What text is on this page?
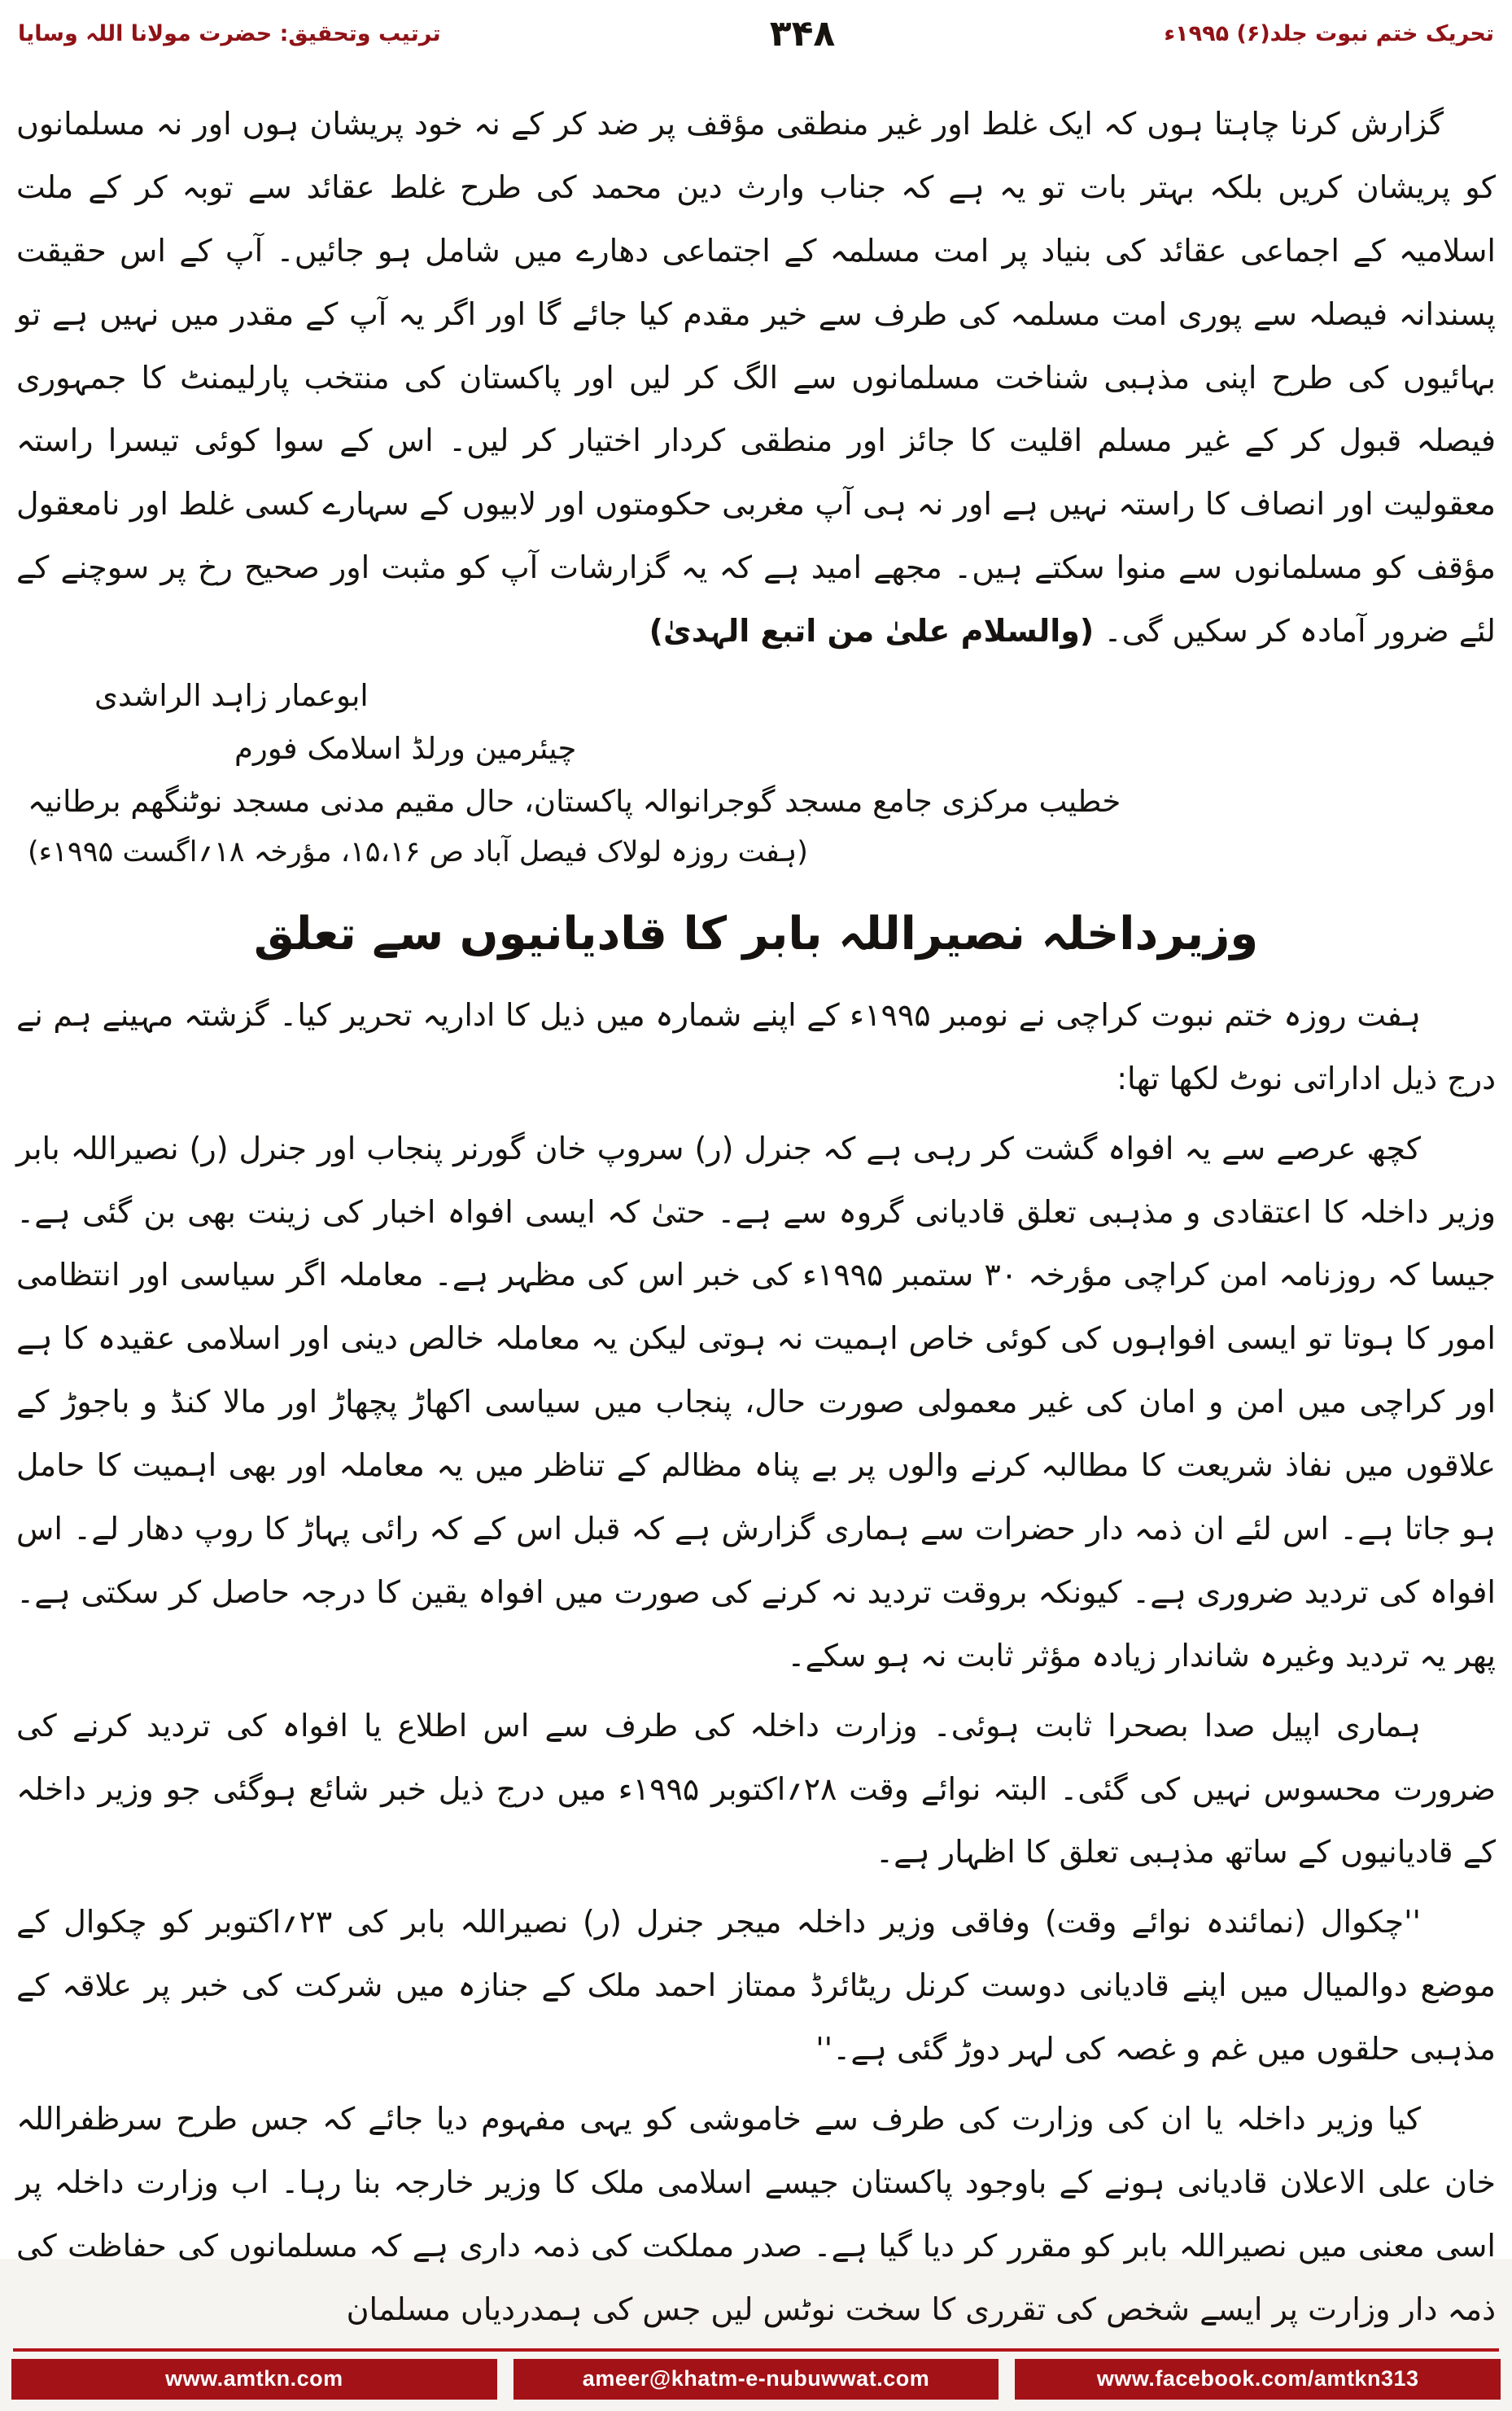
تحریک ختم نبوت جلد(۶) ۱۹۹۵ء
۳۴۸
ترتیب وتحقیق: حضرت مولانا اللہ وسایا

گزارش کرنا چاہتا ہوں کہ ایک غلط اور غیر منطقی مؤقف پر ضد کر کے نہ خود پریشان ہوں اور نہ مسلمانوں کو پریشان کریں بلکہ بہتر بات تو یہ ہے کہ جناب وارث دین محمد کی طرح غلط عقائد سے توبہ کر کے ملت اسلامیہ کے اجماعی عقائد کی بنیاد پر امت مسلمہ کے اجتماعی دھارے میں شامل ہو جائیں۔ آپ کے اس حقیقت پسندانہ فیصلہ سے پوری امت مسلمہ کی طرف سے خیر مقدم کیا جائے گا اور اگر یہ آپ کے مقدر میں نہیں ہے تو بہائیوں کی طرح اپنی مذہبی شناخت مسلمانوں سے الگ کر لیں اور پاکستان کی منتخب پارلیمنٹ کا جمہوری فیصلہ قبول کر کے غیر مسلم اقلیت کا جائز اور منطقی کردار اختیار کر لیں۔ اس کے سوا کوئی تیسرا راستہ معقولیت اور انصاف کا راستہ نہیں ہے اور نہ ہی آپ مغربی حکومتوں اور لابیوں کے سہارے کسی غلط اور نامعقول مؤقف کو مسلمانوں سے منوا سکتے ہیں۔ مجھے امید ہے کہ یہ گزارشات آپ کو مثبت اور صحیح رخ پر سوچنے کے لئے ضرور آمادہ کر سکیں گی۔ (والسلام علیٰ من اتبع الہدیٰ)

ابوعمار زاہد الراشدی
چیئرمین ورلڈ اسلامک فورم
خطیب مرکزی جامع مسجد گوجرانوالہ پاکستان، حال مقیم مدنی مسجد نوٹنگھم برطانیہ
(ہفت روزہ لولاک فیصل آباد ص ۱۵،۱۶، مؤرخہ ۱۸؍اگست ۱۹۹۵ء)
وزیرداخلہ نصیراللہ بابر کا قادیانیوں سے تعلق

ہفت روزہ ختم نبوت کراچی نے نومبر ۱۹۹۵ء کے اپنے شمارہ میں ذیل کا اداریہ تحریر کیا۔ گزشتہ مہینے ہم نے درج ذیل اداراتی نوٹ لکھا تھا:

کچھ عرصے سے یہ افواہ گشت کر رہی ہے کہ جنرل (ر) سروپ خان گورنر پنجاب اور جنرل (ر) نصیراللہ بابر وزیر داخلہ کا اعتقادی و مذہبی تعلق قادیانی گروہ سے ہے۔ حتیٰ کہ ایسی افواہ اخبار کی زینت بھی بن گئی ہے۔ جیسا کہ روزنامہ امن کراچی مؤرخہ ۳۰ ستمبر ۱۹۹۵ء کی خبر اس کی مظہر ہے۔ معاملہ اگر سیاسی اور انتظامی امور کا ہوتا تو ایسی افواہوں کی کوئی خاص اہمیت نہ ہوتی لیکن یہ معاملہ خالص دینی اور اسلامی عقیدہ کا ہے اور کراچی میں امن و امان کی غیر معمولی صورت حال، پنجاب میں سیاسی اکھاڑ پچھاڑ اور مالا کنڈ و باجوڑ کے علاقوں میں نفاذ شریعت کا مطالبہ کرنے والوں پر بے پناہ مظالم کے تناظر میں یہ معاملہ اور بھی اہمیت کا حامل ہو جاتا ہے۔ اس لئے ان ذمہ دار حضرات سے ہماری گزارش ہے کہ قبل اس کے کہ رائی پہاڑ کا روپ دھار لے۔ اس افواہ کی تردید ضروری ہے۔ کیونکہ بروقت تردید نہ کرنے کی صورت میں افواہ یقین کا درجہ حاصل کر سکتی ہے۔ پھر یہ تردید وغیرہ شاندار زیادہ مؤثر ثابت نہ ہو سکے۔

ہماری اپیل صدا بصحرا ثابت ہوئی۔ وزارت داخلہ کی طرف سے اس اطلاع یا افواہ کی تردید کرنے کی ضرورت محسوس نہیں کی گئی۔ البتہ نوائے وقت ۲۸؍اکتوبر ۱۹۹۵ء میں درج ذیل خبر شائع ہوگئی جو وزیر داخلہ کے قادیانیوں کے ساتھ مذہبی تعلق کا اظہار ہے۔

''چکوال (نمائندہ نوائے وقت) وفاقی وزیر داخلہ میجر جنرل (ر) نصیراللہ بابر کی ۲۳؍اکتوبر کو چکوال کے موضع دوالمیال میں اپنے قادیانی دوست کرنل ریٹائرڈ ممتاز احمد ملک کے جنازہ میں شرکت کی خبر پر علاقہ کے مذہبی حلقوں میں غم و غصہ کی لہر دوڑ گئی ہے۔''

کیا وزیر داخلہ یا ان کی وزارت کی طرف سے خاموشی کو یہی مفہوم دیا جائے کہ جس طرح سرظفراللہ خان علی الاعلان قادیانی ہونے کے باوجود پاکستان جیسے اسلامی ملک کا وزیر خارجہ بنا رہا۔ اب وزارت داخلہ پر اسی معنی میں نصیراللہ بابر کو مقرر کر دیا گیا ہے۔ صدر مملکت کی ذمہ داری ہے کہ مسلمانوں کی حفاظت کی ذمہ دار وزارت پر ایسے شخص کی تقرری کا سخت نوٹس لیں جس کی ہمدردیاں مسلمان

www.amtkn.com	ameer@khatm-e-nubuwwat.com	www.facebook.com/amtkn313
